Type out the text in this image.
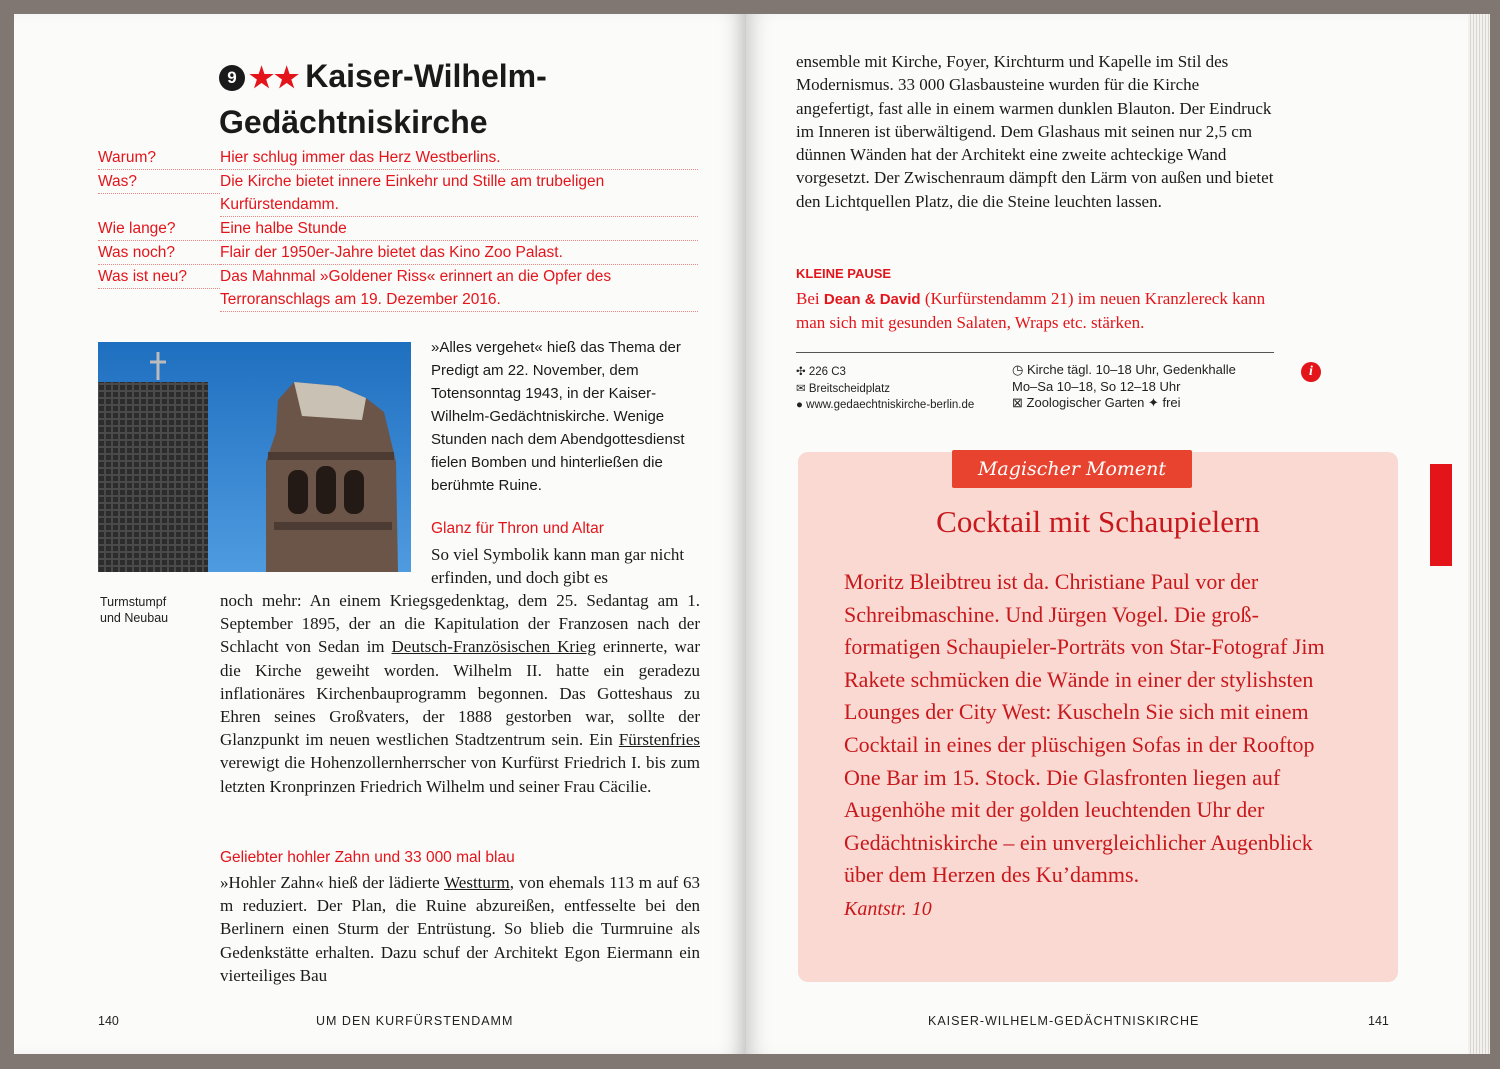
9 ★★ Kaiser-Wilhelm-
Gedächtniskirche
Warum?	Hier schlug immer das Herz Westberlins.
Was?	Die Kirche bietet innere Einkehr und Stille am trubeligen Kurfürstendamm.
Wie lange?	Eine halbe Stunde
Was noch?	Flair der 1950er-Jahre bietet das Kino Zoo Palast.
Was ist neu?	Das Mahnmal »Goldener Riss« erinnert an die Opfer des Terroranschlags am 19. Dezember 2016.
Turmstumpf
und Neubau
»Alles vergehet« hieß das Thema der Predigt am 22. November, dem Totensonntag 1943, in der Kaiser-Wilhelm-Gedächtniskirche. Wenige Stunden nach dem Abendgottesdienst fielen Bomben und hinterließen die berühmte Ruine.
Glanz für Thron und Altar
So viel Symbolik kann man gar nicht erfinden, und doch gibt es
noch mehr: An einem Kriegsgedenktag, dem 25. Sedantag am 1. September 1895, der an die Kapitulation der Franzosen nach der Schlacht von Sedan im Deutsch-Französischen Krieg erinnerte, war die Kirche geweiht worden. Wilhelm II. hatte ein geradezu inflationäres Kirchenbauprogramm begonnen. Das Gotteshaus zu Ehren seines Großvaters, der 1888 gestorben war, sollte der Glanzpunkt im neuen westlichen Stadtzentrum sein. Ein Fürstenfries verewigt die Hohenzollernherrscher von Kurfürst Friedrich I. bis zum letzten Kronprinzen Friedrich Wilhelm und seiner Frau Cäcilie.
Geliebter hohler Zahn und 33 000 mal blau
»Hohler Zahn« hieß der lädierte Westturm, von ehemals 113 m auf 63 m reduziert. Der Plan, die Ruine abzureißen, entfesselte bei den Berlinern einen Sturm der Entrüstung. So blieb die Turmruine als Gedenkstätte erhalten. Dazu schuf der Architekt Egon Eiermann ein vierteiliges Bau
140	UM DEN KURFÜRSTENDAMM
ensemble mit Kirche, Foyer, Kirchturm und Kapelle im Stil des Modernismus. 33 000 Glasbausteine wurden für die Kirche angefertigt, fast alle in einem warmen dunklen Blauton. Der Eindruck im Inneren ist überwältigend. Dem Glashaus mit seinen nur 2,5 cm dünnen Wänden hat der Architekt eine zweite achteckige Wand vorgesetzt. Der Zwischenraum dämpft den Lärm von außen und bietet den Lichtquellen Platz, die die Steine leuchten lassen.
KLEINE PAUSE
Bei Dean & David (Kurfürstendamm 21) im neuen Kranzlereck kann man sich mit gesunden Salaten, Wraps etc. stärken.
✣ 226 C3
✉ Breitscheidplatz
● www.gedaechtniskirche-berlin.de
◷ Kirche tägl. 10–18 Uhr, Gedenkhalle
Mo–Sa 10–18, So 12–18 Uhr
⊠ Zoologischer Garten ✦ frei
i
Magischer Moment
Cocktail mit Schaupielern
Moritz Bleibtreu ist da. Christiane Paul vor der Schreibmaschine. Und Jürgen Vogel. Die großformatigen Schaupieler-Porträts von Star-Fotograf Jim Rakete schmücken die Wände in einer der stylishsten Lounges der City West: Kuscheln Sie sich mit einem Cocktail in eines der plüschigen Sofas in der Rooftop One Bar im 15. Stock. Die Glasfronten liegen auf Augenhöhe mit der golden leuchtenden Uhr der Gedächtniskirche – ein unvergleichlicher Augenblick über dem Herzen des Ku’damms.
Kantstr. 10
KAISER-WILHELM-GEDÄCHTNISKIRCHE	141
